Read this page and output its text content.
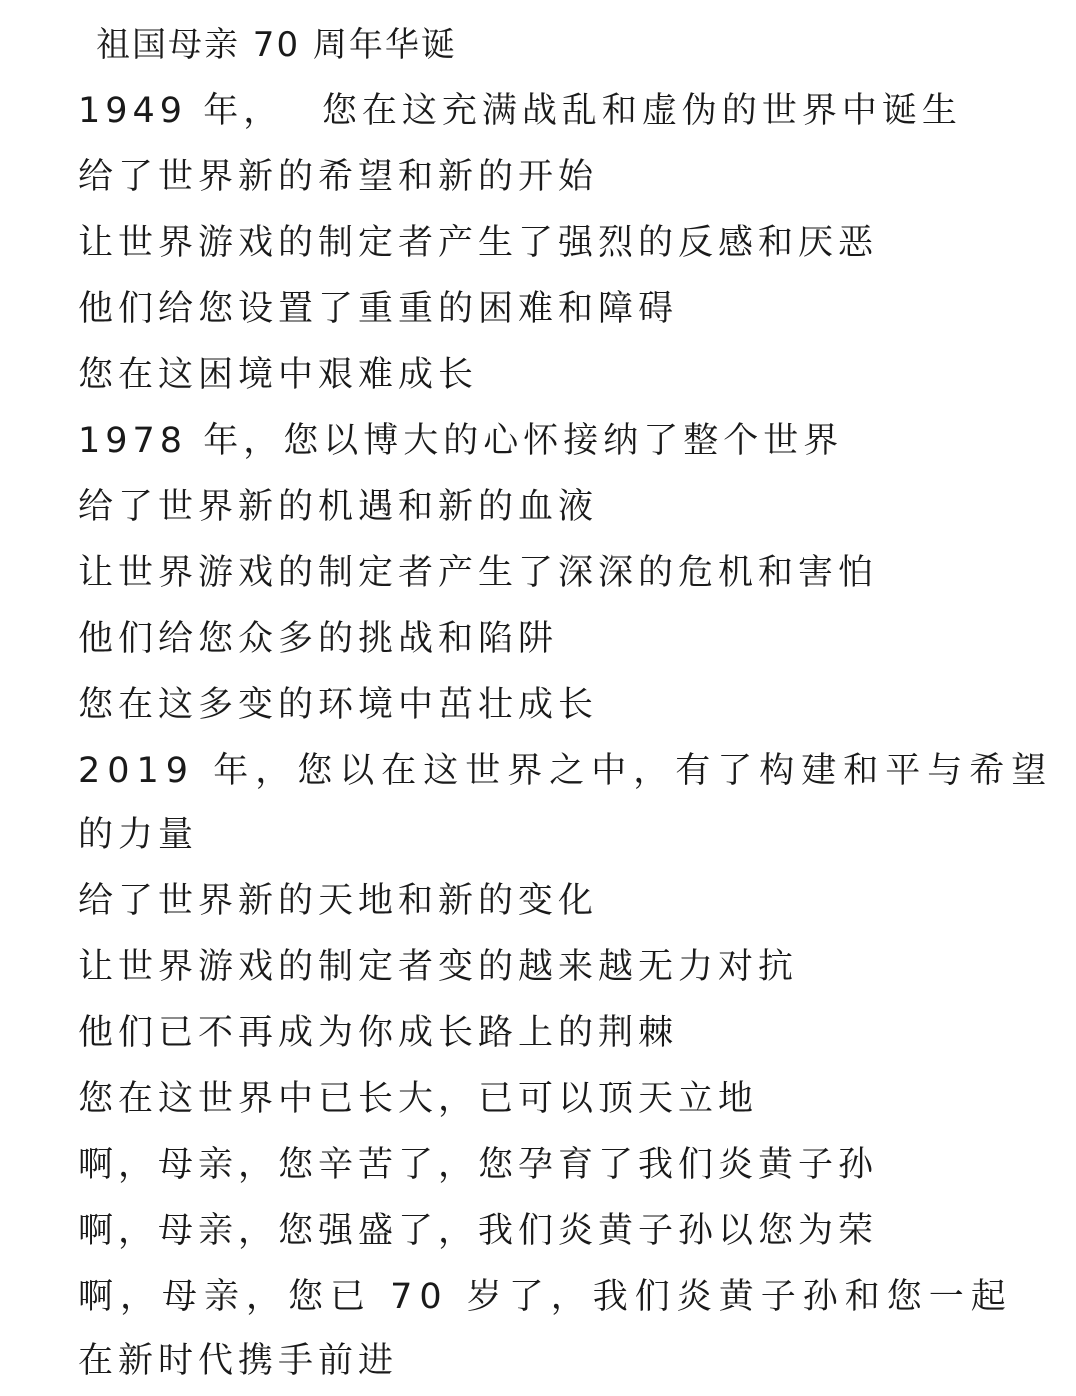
祖国母亲 70 周年华诞
1949 年，　 您在这充满战乱和虚伪的世界中诞生
给了世界新的希望和新的开始
让世界游戏的制定者产生了强烈的反感和厌恶
他们给您设置了重重的困难和障碍
您在这困境中艰难成长
1978 年，您以博大的心怀接纳了整个世界
给了世界新的机遇和新的血液
让世界游戏的制定者产生了深深的危机和害怕
他们给您众多的挑战和陷阱
您在这多变的环境中茁壮成长
2019 年，您以在这世界之中，有了构建和平与希望
的力量
给了世界新的天地和新的变化
让世界游戏的制定者变的越来越无力对抗
他们已不再成为你成长路上的荆棘
您在这世界中已长大，已可以顶天立地
啊，母亲，您辛苦了，您孕育了我们炎黄子孙
啊，母亲，您强盛了，我们炎黄子孙以您为荣
啊，母亲，您已 70 岁了，我们炎黄子孙和您一起
在新时代携手前进
